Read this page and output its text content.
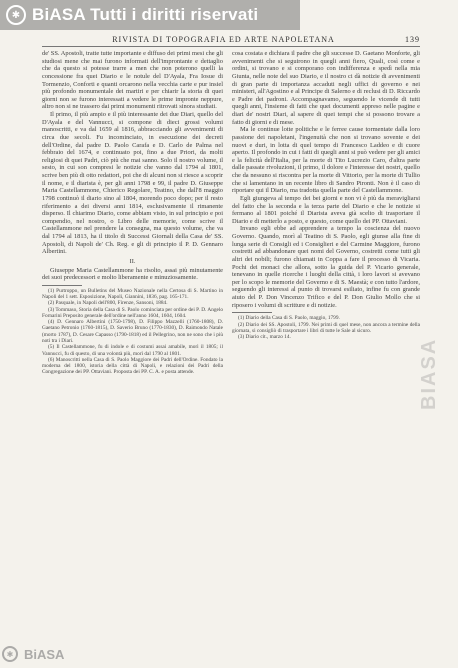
✱ BiASA Tutti i diritti riservati
RIVISTA DI TOPOGRAFIA ED ARTE NAPOLETANA	139

de' SS. Apostoli, tratte tutte importante e diffuso dei primi mesi che gli studiosi mene che mai furono informati dell'improntante e dettaglio che da questo si potesse trarre a men che non poterono quelli la concessione fra quei Diario e le notule del D'Ayala, Fra Iosue di Tormenzio, Conforti e quanti orcarono nella vecchia carte e pur insiel più profondo monumentale dei martiri e per chiarir la storia di quei giorni non se furono interessati a vedere le prime impronte neppure, altro non si ne trassero dai primi monumenti ritrovati sinora studiati.

Il primo, il più ampio e il più interessante dei due Diari, quello del D'Ayala e del Vannucci, si compone di dieci grossi volumi manoscritti, e va dal 1659 al 1816, abbracciando gli avvenimenti di circa due secoli. Fu incominciato, in esecuzione dei decreti dell'Ordine, dal padre D. Paolo Carafa e D. Carlo de Palma nel febbraio del 1674, e continuato poi, fino a due Priori, da molti religiosi di quei Padri, ciò più che mai sanno. Solo il nostro volume, il sesto, in cui son compresi le notizie che vanno dal 1794 al 1801, scrive ben più di otto redattori, poi che di alcuni non si riesce a scoprir il nome, e il diarista è, per gli anni 1798 e 99, il padre D. Giuseppe Maria Castellammone, Chierico Regolare, Teatino, che dall'8 maggio 1798 continuò il diario sino al 1804, morendo poco dopo; per il resto riferimento a dei diversi anni 1814, esclusivamente il rimanente disperso. Il chiarimo Diario, come abbiam visto, in sul principio e poi compendio, nel nostro, o Libro delle memorie, come scrive il Castellammone nel prendere la consegna, ma questo volume, che va dal 1794 al 1813, ha il titolo di Successi Giornali della Casa de' SS. Apostoli, di Napoli de' Ch. Reg. e gli di principio il P. D. Gennaro Albertini.

II.

Giuseppe Maria Castellammone ha risolto, assai più minutamente dei suoi predecessori e molto liberamente e minuziosamente.

(1) Purtroppo, un Bulletins del Museo Nazionale nella Certosa di S. Martino in Napoli del 1 sett. Esposizione, Napoli, Giannini, 1836, pag. 165-171.

(2) Pasquale, in Napoli dell'800, Firenze, Sansoni, 1884.

(3) Tommaso, Storia della Casa di S. Paolo cominciata per ordine dei P. D. Angelo Fornarini Preposito generale dell'ordine nell'anno 1604, 1604, 1604.

(4) D. Gennaro Albertini (1750-1798), D. Filippo Mazzelli (1760-1808), D. Gaetano Petronio (1760-1815), D. Saverio Bruno (1770-1830), D. Raimondo Natale (morto 1787), D. Cesare Capasso (1790-1818) ed il Pellegrino, non ne sono che i più noti tra i Diari.

(5) Il Castellammone, fu di indole e di costumi assai amabile, morì il 1805; il Vannucci, fu di questo, di una volontà più, morì dal 1790 al 1801.

(6) Manoscritti nella Casa di S. Paolo Maggiore dei Padri dell'Ordine. Fondato la moderna del 1800, istoria della città di Napoli, e relazioni dei Padri della Congregazione dei PP. Ottaviani. Proposta dei PP. C. A. e posta attende.

cosa costata e dichiara il padre che gli successe D. Gaetano Monforte, gli avvenimenti che si seguirono in quegli anni fiero, Quali, così come e ordini, si trovano e si comporano con indifferenza e spedì nella mia Giunta, nelle note del suo Diario, e il nostro ci dà notizie di avvenimenti di gran parte di importanza accaduti negli uffici di governo e nei ministeri, all'Agostino e al Principe di Salerno e di reclusi di D. Riccardo e Padre dei padroni. Accompagnavamo, seguendo le vicende di tutti quegli anni, l'insieme di fatti che quei documenti appreso nelle pagine e diari de' nostri Diari, al sapere di quei tempi che si possono trovare a fatto di giorni e di mese.

Ma le continue lotte politiche e le ferree cause tormentate dalla loro passione dei napoletani, l'ingenuità che non si trovano sovente e dei nuovi e duri, in lotta di quel tempo di Francesco Laddeo e di cuore aperto. Il profondo in cui i fatti di quegli anni si può vedere per gli amici e la felicità dell'Italia, per la morte di Tito Lucrezio Caro, d'altra parte dalle passate rivoluzioni, il primo, il dolore e l'interesse dei nostri, quello che da nessuno si riscontra per la morte di Vittorio, per la morte di Tullio che si lamentano in un recente libro di Sandro Pironti. Non è il caso di riportare qui il Diario, ma tradotta quella parte del Castellammone.

Egli giungeva al tempo dei bei giorni e non vi è più da meravigliarsi del fatto che la seconda e la terza parte del Diario e che le notizie si fermano al 1801 poiché il Diarista aveva già scelto di trasportare il Diario e di metterlo a posto, e questo, come quello dei PP. Ottaviani.

Invano egli ebbe ad apprendere a tempo la coscienza del nuovo Governo. Quando, morì al Teatino di S. Paolo, egli giunse alla fine di lunga serie di Consigli ed i Consiglieri e del Carmine Maggiore, furono costretti ad abbandonare quei nomi del Governo, costretti come tutti gli altri dei nobili; furono chiamati in Coppa a fare il processo di Vicaria. Pochi dei monaci che allora, sotto la guida del P. Vicario generale, tenevano in quelle ricerche i luoghi della città, i loro lavori si avevano per lo scopo le memorie del Governo e di S. Maestà; e con tutto l'ardore, seguendo gli interessi al punto di trovarsi esiliato, infine fu con grande aiuto del P. Don Vincenzo Trifico e del P. Don Giulio Mollo che si riposero i volumi di scritture e di notizie.

(1) Diario della Casa di S. Paolo, maggio, 1799.

(2) Diario dei SS. Apostoli, 1799. Nei primi di quel mese, non ancora a termine della giornata, si consigliò di trasportare i libri di tutte le Sale al sicuro.

(3) Diario cit., marzo 14.

BIASA
✱ BiASA
